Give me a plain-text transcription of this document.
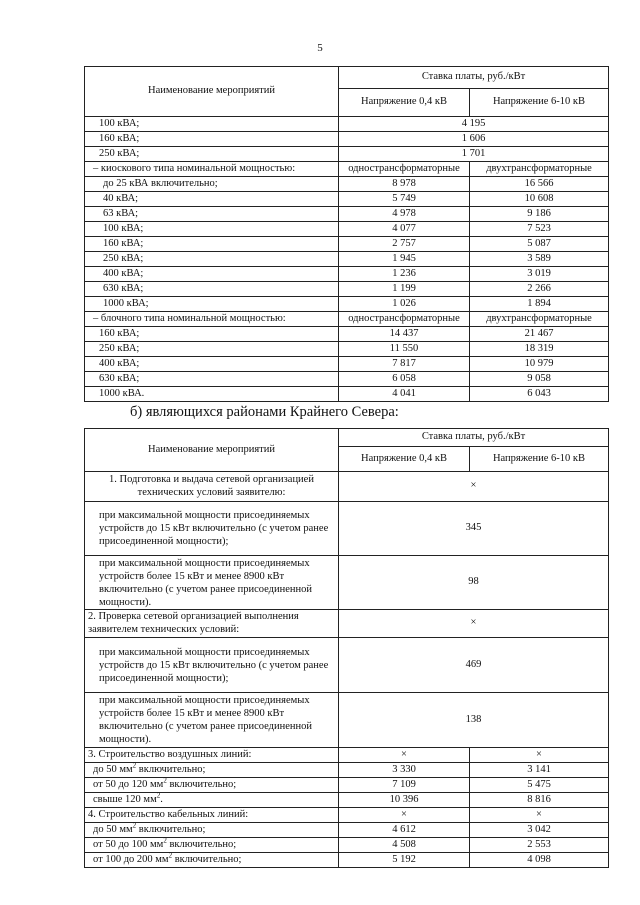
5
Наименование мероприятий	Ставка платы, руб./кВт	
	Напряжение 0,4 кВ	Напряжение 6-10 кВ
100 кВА;	4 195	
160 кВА;	1 606	
250 кВА;	1 701	
– киоскового типа номинальной мощностью:	однострансформаторные	двухтрансформаторные
до 25 кВА включительно;	8 978	16 566
40 кВА;	5 749	10 608
63 кВА;	4 978	9 186
100 кВА;	4 077	7 523
160 кВА;	2 757	5 087
250 кВА;	1 945	3 589
400 кВА;	1 236	3 019
630 кВА;	1 199	2 266
1000 кВА;	1 026	1 894
– блочного типа номинальной мощностью:	однострансформаторные	двухтрансформаторные
160 кВА;	14 437	21 467
250 кВА;	11 550	18 319
400 кВА;	7 817	10 979
630 кВА;	6 058	9 058
1000 кВА.	4 041	6 043
б) являющихся районами Крайнего Севера:
Наименование мероприятий	Ставка платы, руб./кВт	
	Напряжение 0,4 кВ	Напряжение 6-10 кВ
1. Подготовка и выдача сетевой организацией технических условий заявителю:	×	
при максимальной мощности присоединяемых устройств до 15 кВт включительно (с учетом ранее присоединенной мощности);	345	
при максимальной мощности присоединяемых устройств более 15 кВт и менее 8900 кВт включительно (с учетом ранее присоединенной мощности).	98	
2. Проверка сетевой организацией выполнения заявителем технических условий:	×	
при максимальной мощности присоединяемых устройств до 15 кВт включительно (с учетом ранее присоединенной мощности);	469	
при максимальной мощности присоединяемых устройств более 15 кВт и менее 8900 кВт включительно (с учетом ранее присоединенной мощности).	138	
3. Строительство воздушных линий:	×	×
до 50 $мм^2$ включительно;	3 330	3 141
от 50 до 120 $мм^2$ включительно;	7 109	5 475
свыше 120 $мм^2$.	10 396	8 816
4. Строительство кабельных линий:	×	×
до 50 $мм^2$ включительно;	4 612	3 042
от 50 до 100 $мм^2$ включительно;	4 508	2 553
от 100 до 200 $мм^2$ включительно;	5 192	4 098
